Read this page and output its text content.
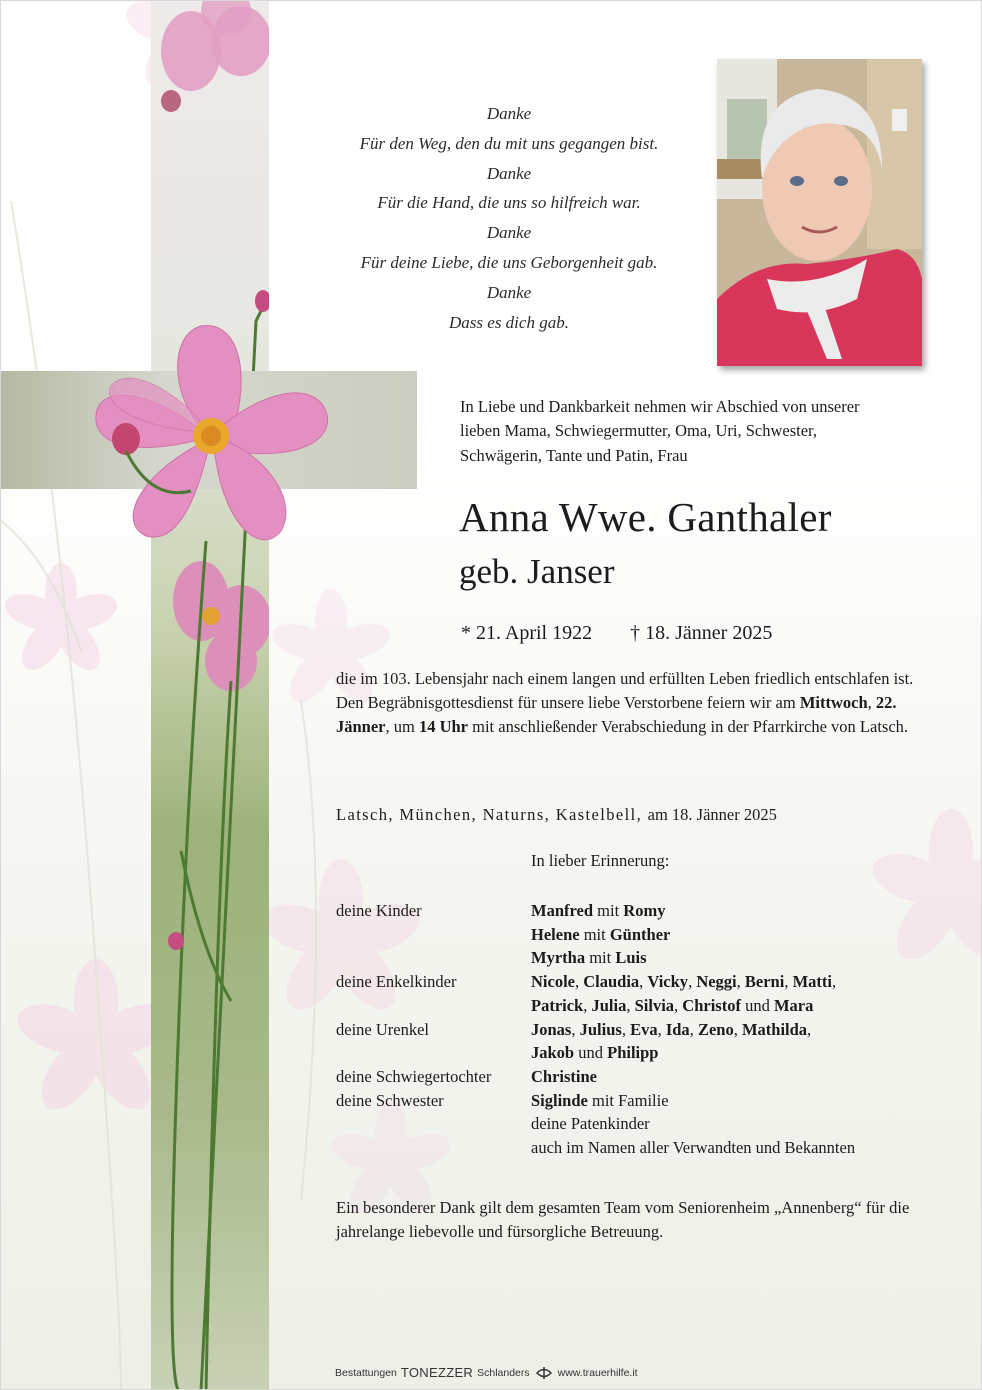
Danke
Für den Weg, den du mit uns gegangen bist.
Danke
Für die Hand, die uns so hilfreich war.
Danke
Für deine Liebe, die uns Geborgenheit gab.
Danke
Dass es dich gab.
In Liebe und Dankbarkeit nehmen wir Abschied von unserer lieben Mama, Schwiegermutter, Oma, Uri, Schwester, Schwägerin, Tante und Patin, Frau
Anna Wwe. Ganthaler
geb. Janser
* 21. April 1922 † 18. Jänner 2025
die im 103. Lebensjahr nach einem langen und erfüllten Leben friedlich entschlafen ist.
Den Begräbnisgottesdienst für unsere liebe Verstorbene feiern wir am Mittwoch, 22. Jänner, um 14 Uhr mit anschließender Verabschiedung in der Pfarrkirche von Latsch.
Latsch, München, Naturns, Kastelbell, am 18. Jänner 2025
In lieber Erinnerung:
deine Kinder	Manfred mit Romy
Helene mit Günther
Myrtha mit Luis
deine Enkelkinder	Nicole, Claudia, Vicky, Neggi, Berni, Matti,
Patrick, Julia, Silvia, Christof und Mara
deine Urenkel	Jonas, Julius, Eva, Ida, Zeno, Mathilda,
Jakob und Philipp
deine Schwiegertochter	Christine
deine Schwester	Siglinde mit Familie
deine Patenkinder
auch im Namen aller Verwandten und Bekannten
Ein besonderer Dank gilt dem gesamten Team vom Seniorenheim „Annenberg“ für die jahrelange liebevolle und fürsorgliche Betreuung.
Bestattungen TONEZZER Schlanders	www.trauerhilfe.it
